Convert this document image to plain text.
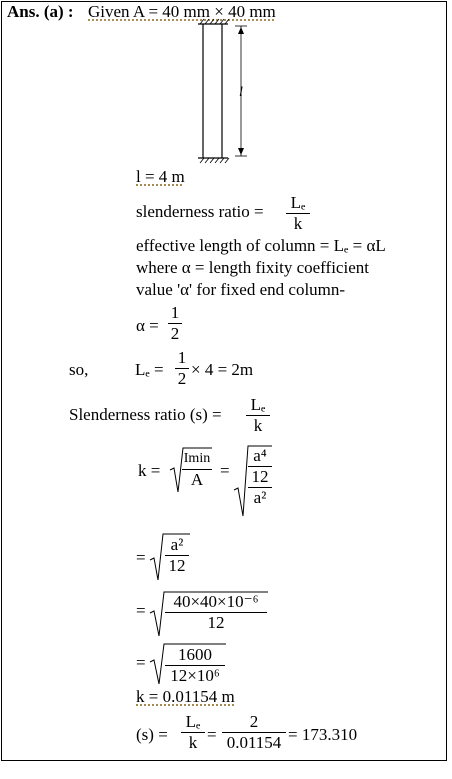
Ans. (a) : Given A = 40 mm × 40 mm
l
l = 4 m
slenderness ratio = Lₑ
k
effective length of column = Lₑ = αL
where α = length fixity coefficient
value 'α' for fixed end column-
α =
1
2
so,	Lₑ =
1
2 × 4 = 2m
Slenderness ratio (s) =
Lₑ
k
k =
Imin
A =
a⁴
12
a²
=
a²
12
=	40×40×10⁻⁶
12
=	1600
12×10⁶
k = 0.01154 m
(s) =
Lₑ
k =
2
0.01154 = 173.310
